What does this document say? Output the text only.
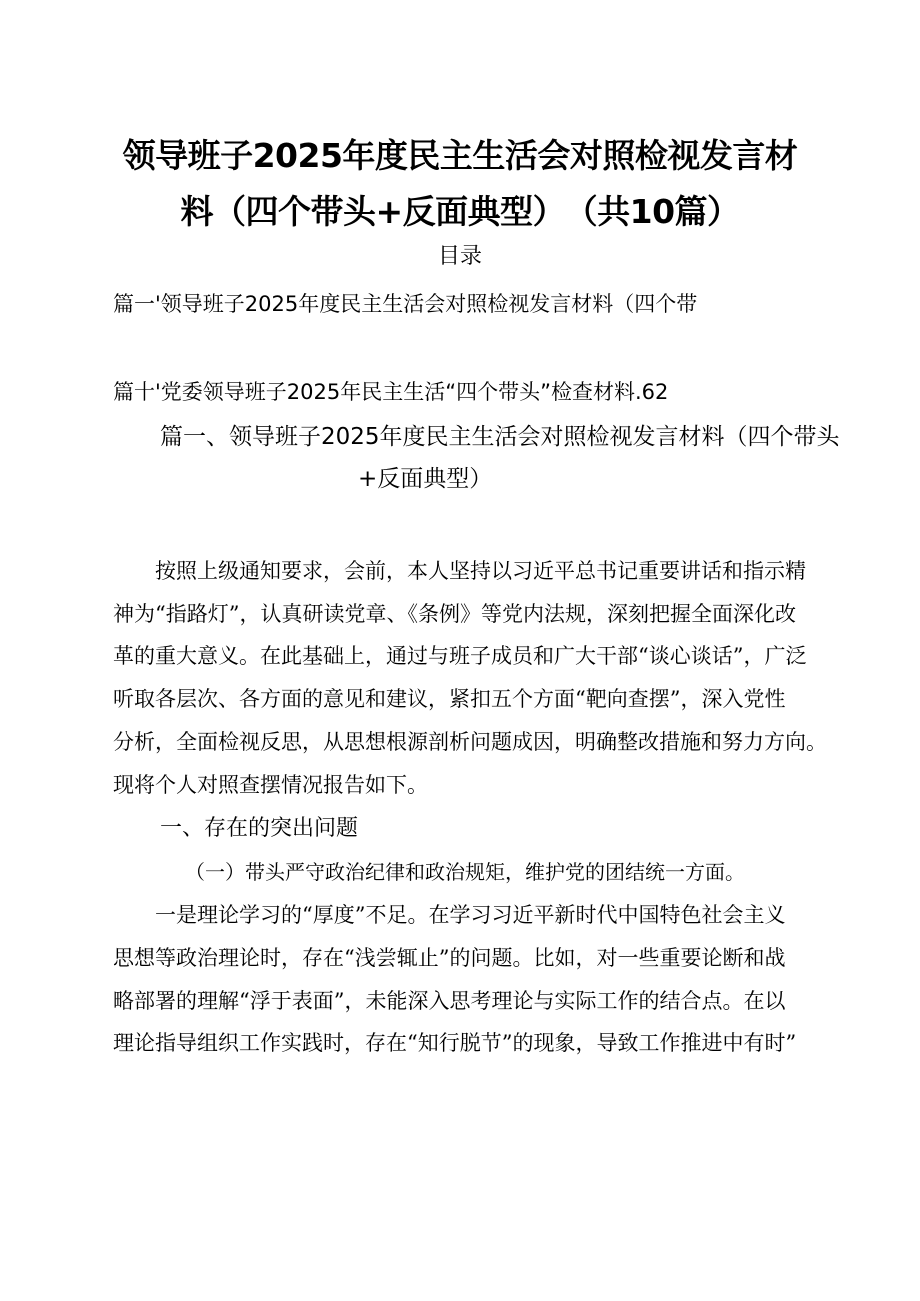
领导班子2025年度民主生活会对照检视发言材
料（四个带头+反面典型）　（共10篇）
目录
篇一'领导班子2025年度民主生活会对照检视发言材料（四个带
篇十'党委领导班子2025年民主生活“四个带头”检查材料.62
篇一、领导班子2025年度民主生活会对照检视发言材料（四个带头
+反面典型）
　　按照上级通知要求，会前，本人坚持以习近平总书记重要讲话和指示精
神为“指路灯”，认真研读党章、《条例》等党内法规，深刻把握全面深化改
革的重大意义。在此基础上，通过与班子成员和广大干部“谈心谈话”，广泛
听取各层次、各方面的意见和建议，紧扣五个方面“靶向查摆”，深入党性
分析，全面检视反思，从思想根源剖析问题成因，明确整改措施和努力方向。
现将个人对照查摆情况报告如下。
一、存在的突出问题
（一）带头严守政治纪律和政治规矩，维护党的团结统一方面。
　　一是理论学习的“厚度”不足。在学习习近平新时代中国特色社会主义
思想等政治理论时，存在“浅尝辄止”的问题。比如，对一些重要论断和战
略部署的理解“浮于表面”，未能深入思考理论与实际工作的结合点。在以
理论指导组织工作实践时，存在“知行脱节”的现象，导致工作推进中有时”
